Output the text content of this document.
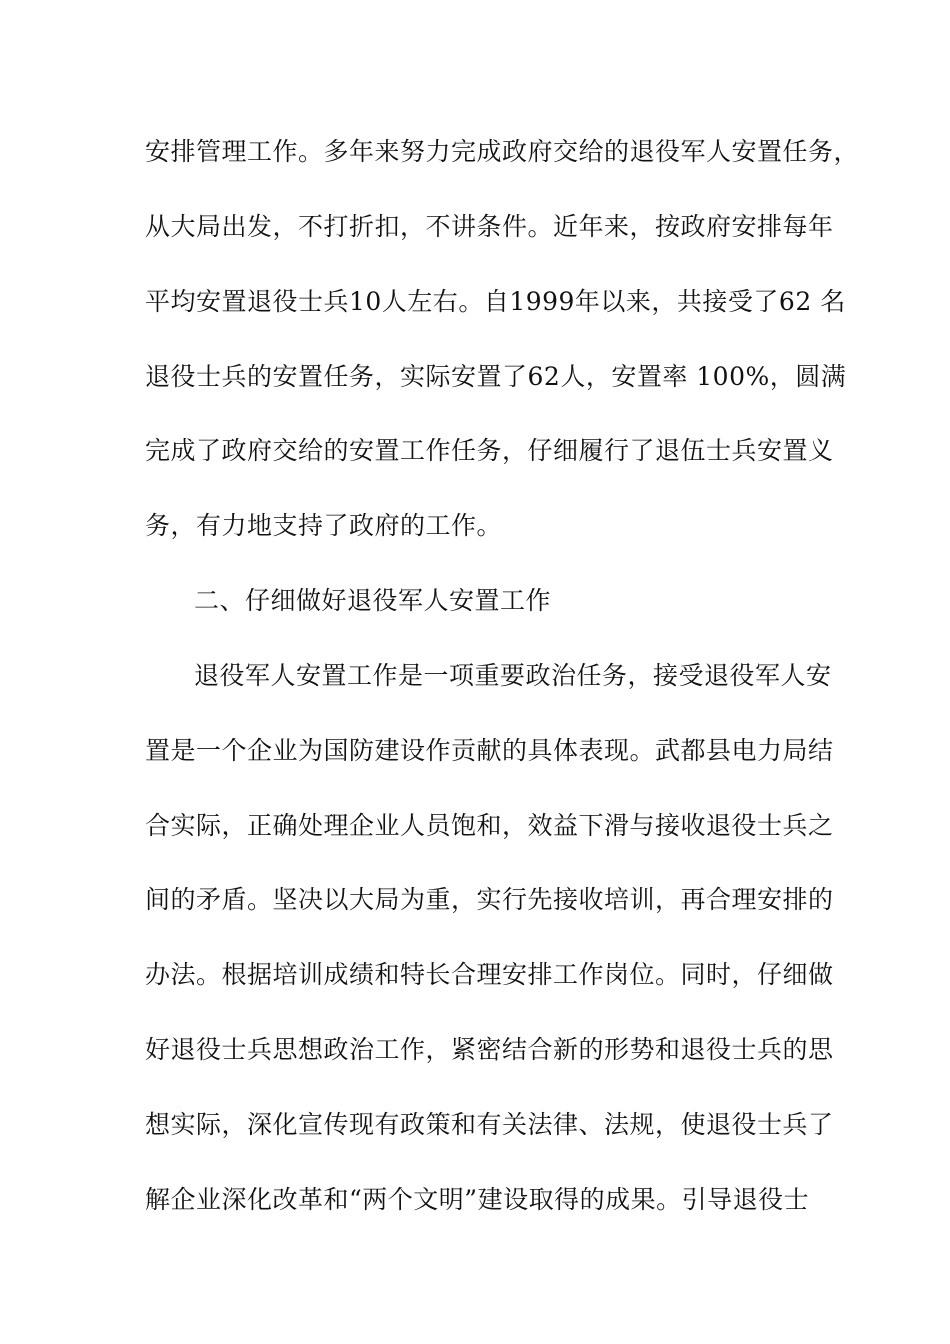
安排管理工作。多年来努力完成政府交给的退役军人安置任务，
从大局出发，不打折扣，不讲条件。近年来，按政府安排每年
平均安置退役士兵10人左右。自1999年以来，共接受了62 名
退役士兵的安置任务，实际安置了62人，安置率 100%，圆满
完成了政府交给的安置工作任务，仔细履行了退伍士兵安置义
务，有力地支持了政府的工作。
二、仔细做好退役军人安置工作
退役军人安置工作是一项重要政治任务，接受退役军人安
置是一个企业为国防建设作贡献的具体表现。武都县电力局结
合实际，正确处理企业人员饱和，效益下滑与接收退役士兵之
间的矛盾。坚决以大局为重，实行先接收培训，再合理安排的
办法。根据培训成绩和特长合理安排工作岗位。同时，仔细做
好退役士兵思想政治工作，紧密结合新的形势和退役士兵的思
想实际，深化宣传现有政策和有关法律、法规，使退役士兵了
解企业深化改革和“两个文明”建设取得的成果。引导退役士
